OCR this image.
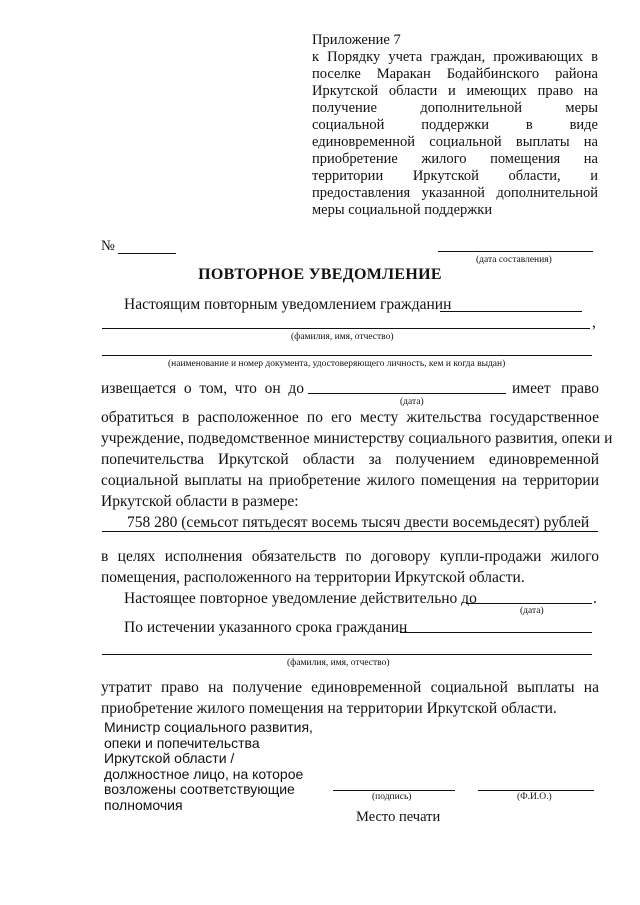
Приложение 7
к Порядку учета граждан, проживающих в
поселке Маракан Бодайбинского района
Иркутской области и имеющих право на
получение дополнительной меры
социальной поддержки в виде
единовременной социальной выплаты на
приобретение жилого помещения на
территории Иркутской области, и
предоставления указанной дополнительной
меры социальной поддержки
№
(дата составления)
ПОВТОРНОЕ УВЕДОМЛЕНИЕ
Настоящим повторным уведомлением гражданин
,
(фамилия, имя, отчество)
(наименование и номер документа, удостоверяющего личность, кем и когда выдан)
извещается о том, что он до	имеет право
(дата)
обратиться в расположенное по его месту жительства государственное
учреждение, подведомственное министерству социального развития, опеки и
попечительства Иркутской области за получением единовременной
социальной выплаты на приобретение жилого помещения на территории
Иркутской области в размере:
758 280 (семьсот пятьдесят восемь тысяч двести восемьдесят) рублей
в целях исполнения обязательств по договору купли-продажи жилого
помещения, расположенного на территории Иркутской области.
Настоящее повторное уведомление действительно до	.
(дата)
По истечении указанного срока гражданин
(фамилия, имя, отчество)
утратит право на получение единовременной социальной выплаты на
приобретение жилого помещения на территории Иркутской области.
Министр социального развития,
опеки и попечительства
Иркутской области /
должностное лицо, на которое
возложены соответствующие
полномочия	(подпись)	(Ф.И.О.)
Место печати
